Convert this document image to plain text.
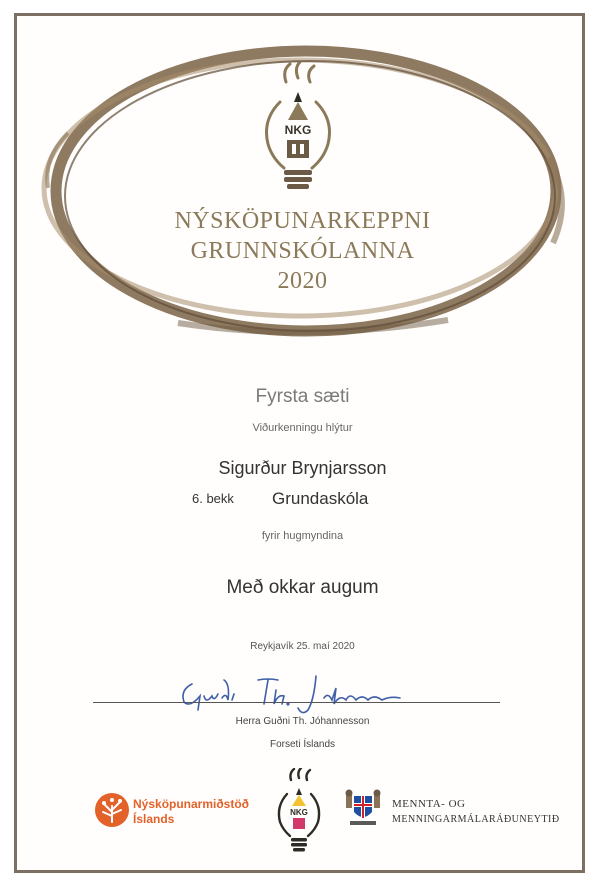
NKG
NÝSKÖPUNARKEPPNI
GRUNNSKÓLANNA
2020
Fyrsta sæti
Viðurkenningu hlýtur
Sigurður Brynjarsson
6. bekk Grundaskóla
fyrir hugmyndina
Með okkar augum
Reykjavík 25. maí 2020
Herra Guðni Th. Jóhannesson
Forseti Íslands
Nýsköpunarmiðstöð
Íslands	NKG
MENNTA- OG
MENNINGARMÁLARÁÐUNEYTIÐ
